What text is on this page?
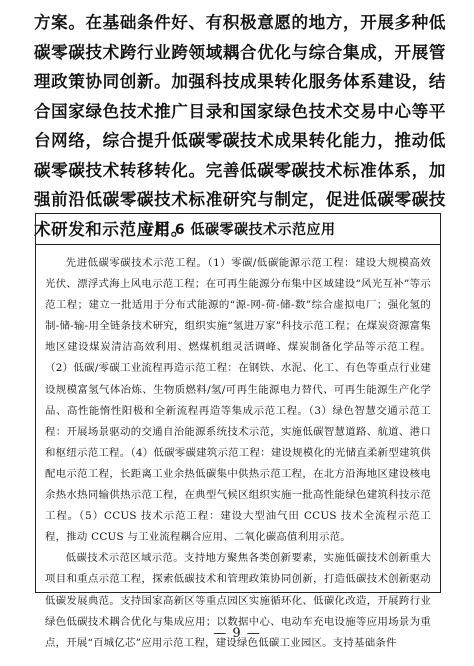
方案。在基础条件好、有积极意愿的地方，开展多种低碳零碳技术跨行业跨领域耦合优化与综合集成，开展管理政策协同创新。加强科技成果转化服务体系建设，结合国家绿色技术推广目录和国家绿色技术交易中心等平台网络，综合提升低碳零碳技术成果转化能力，推动低碳零碳技术转移转化。完善低碳零碳技术标准体系，加强前沿低碳零碳技术标准研究与制定，促进低碳零碳技术研发和示范应用。

专栏 6 低碳零碳技术示范应用

先进低碳零碳技术示范工程。（1）零碳/低碳能源示范工程：建设大规模高效光伏、漂浮式海上风电示范工程；在可再生能源分布集中区域建设“风光互补”等示范工程；建立一批适用于分布式能源的“源-网-荷-储-数”综合虚拟电厂；强化氢的制-储-输-用全链条技术研究，组织实施“氢进万家”科技示范工程；在煤炭资源富集地区建设煤炭清洁高效利用、燃煤机组灵活调峰、煤炭制备化学品等示范工程。（2）低碳/零碳工业流程再造示范工程：在钢铁、水泥、化工、有色等重点行业建设规模富氢气体冶炼、生物质燃料/氢/可再生能源电力替代、可再生能源生产化学品、高性能惰性阳极和全新流程再造等集成示范工程。（3）绿色智慧交通示范工程：开展场景驱动的交通自治能源系统技术示范，实施低碳智慧道路、航道、港口和枢纽示范工程。（4）低碳零碳建筑示范工程：建设规模化的光储直柔新型建筑供配电示范工程，长距离工业余热低碳集中供热示范工程，在北方沿海地区建设核电余热水热同输供热示范工程，在典型气候区组织实施一批高性能绿色建筑科技示范工程。（5）CCUS 技术示范工程：建设大型油气田 CCUS 技术全流程示范工程，推动 CCUS 与工业流程耦合应用、二氧化碳高值利用示范。

低碳技术示范区域示范。支持地方聚焦各类创新要素，实施低碳技术创新重大项目和重点示范工程，探索低碳技术和管理政策协同创新，打造低碳技术创新驱动低碳发展典范。支持国家高新区等重点园区实施循环化、低碳化改造，开展跨行业绿色低碳技术耦合优化与集成应用；以数据中心、电动车充电设施等应用场景为重点，开展“百城亿芯”应用示范工程，建设绿色低碳工业园区。支持基础条件

— 9 —
